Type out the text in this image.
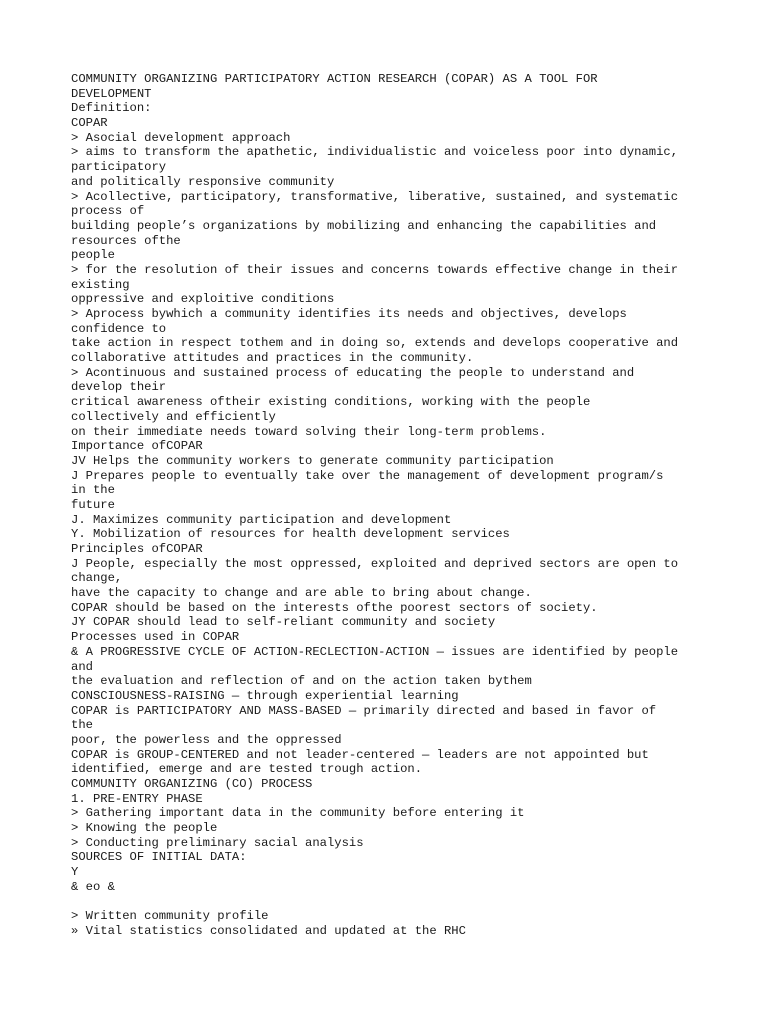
COMMUNITY ORGANIZING PARTICIPATORY ACTION RESEARCH (COPAR) AS A TOOL FOR
DEVELOPMENT
Definition:
COPAR
> Asocial development approach
> aims to transform the apathetic, individualistic and voiceless poor into dynamic,
participatory
and politically responsive community
> Acollective, participatory, transformative, liberative, sustained, and systematic
process of
building people’s organizations by mobilizing and enhancing the capabilities and
resources ofthe
people
> for the resolution of their issues and concerns towards effective change in their
existing
oppressive and exploitive conditions
> Aprocess bywhich a community identifies its needs and objectives, develops
confidence to
take action in respect tothem and in doing so, extends and develops cooperative and
collaborative attitudes and practices in the community.
> Acontinuous and sustained process of educating the people to understand and
develop their
critical awareness oftheir existing conditions, working with the people
collectively and efficiently
on their immediate needs toward solving their long-term problems.
Importance ofCOPAR
JV Helps the community workers to generate community participation
J Prepares people to eventually take over the management of development program/s
in the
future
J. Maximizes community participation and development
Y. Mobilization of resources for health development services
Principles ofCOPAR
J People, especially the most oppressed, exploited and deprived sectors are open to
change,
have the capacity to change and are able to bring about change.
COPAR should be based on the interests ofthe poorest sectors of society.
JY COPAR should lead to self-reliant community and society
Processes used in COPAR
& A PROGRESSIVE CYCLE OF ACTION-RECLECTION-ACTION — issues are identified by people
and
the evaluation and reflection of and on the action taken bythem
CONSCIOUSNESS-RAISING — through experiential learning
COPAR is PARTICIPATORY AND MASS-BASED — primarily directed and based in favor of
the
poor, the powerless and the oppressed
COPAR is GROUP-CENTERED and not leader-centered — leaders are not appointed but
identified, emerge and are tested trough action.
COMMUNITY ORGANIZING (CO) PROCESS
1. PRE-ENTRY PHASE
> Gathering important data in the community before entering it
> Knowing the people
> Conducting preliminary sacial analysis
SOURCES OF INITIAL DATA:
Y
& eo &
> Written community profile
» Vital statistics consolidated and updated at the RHC
